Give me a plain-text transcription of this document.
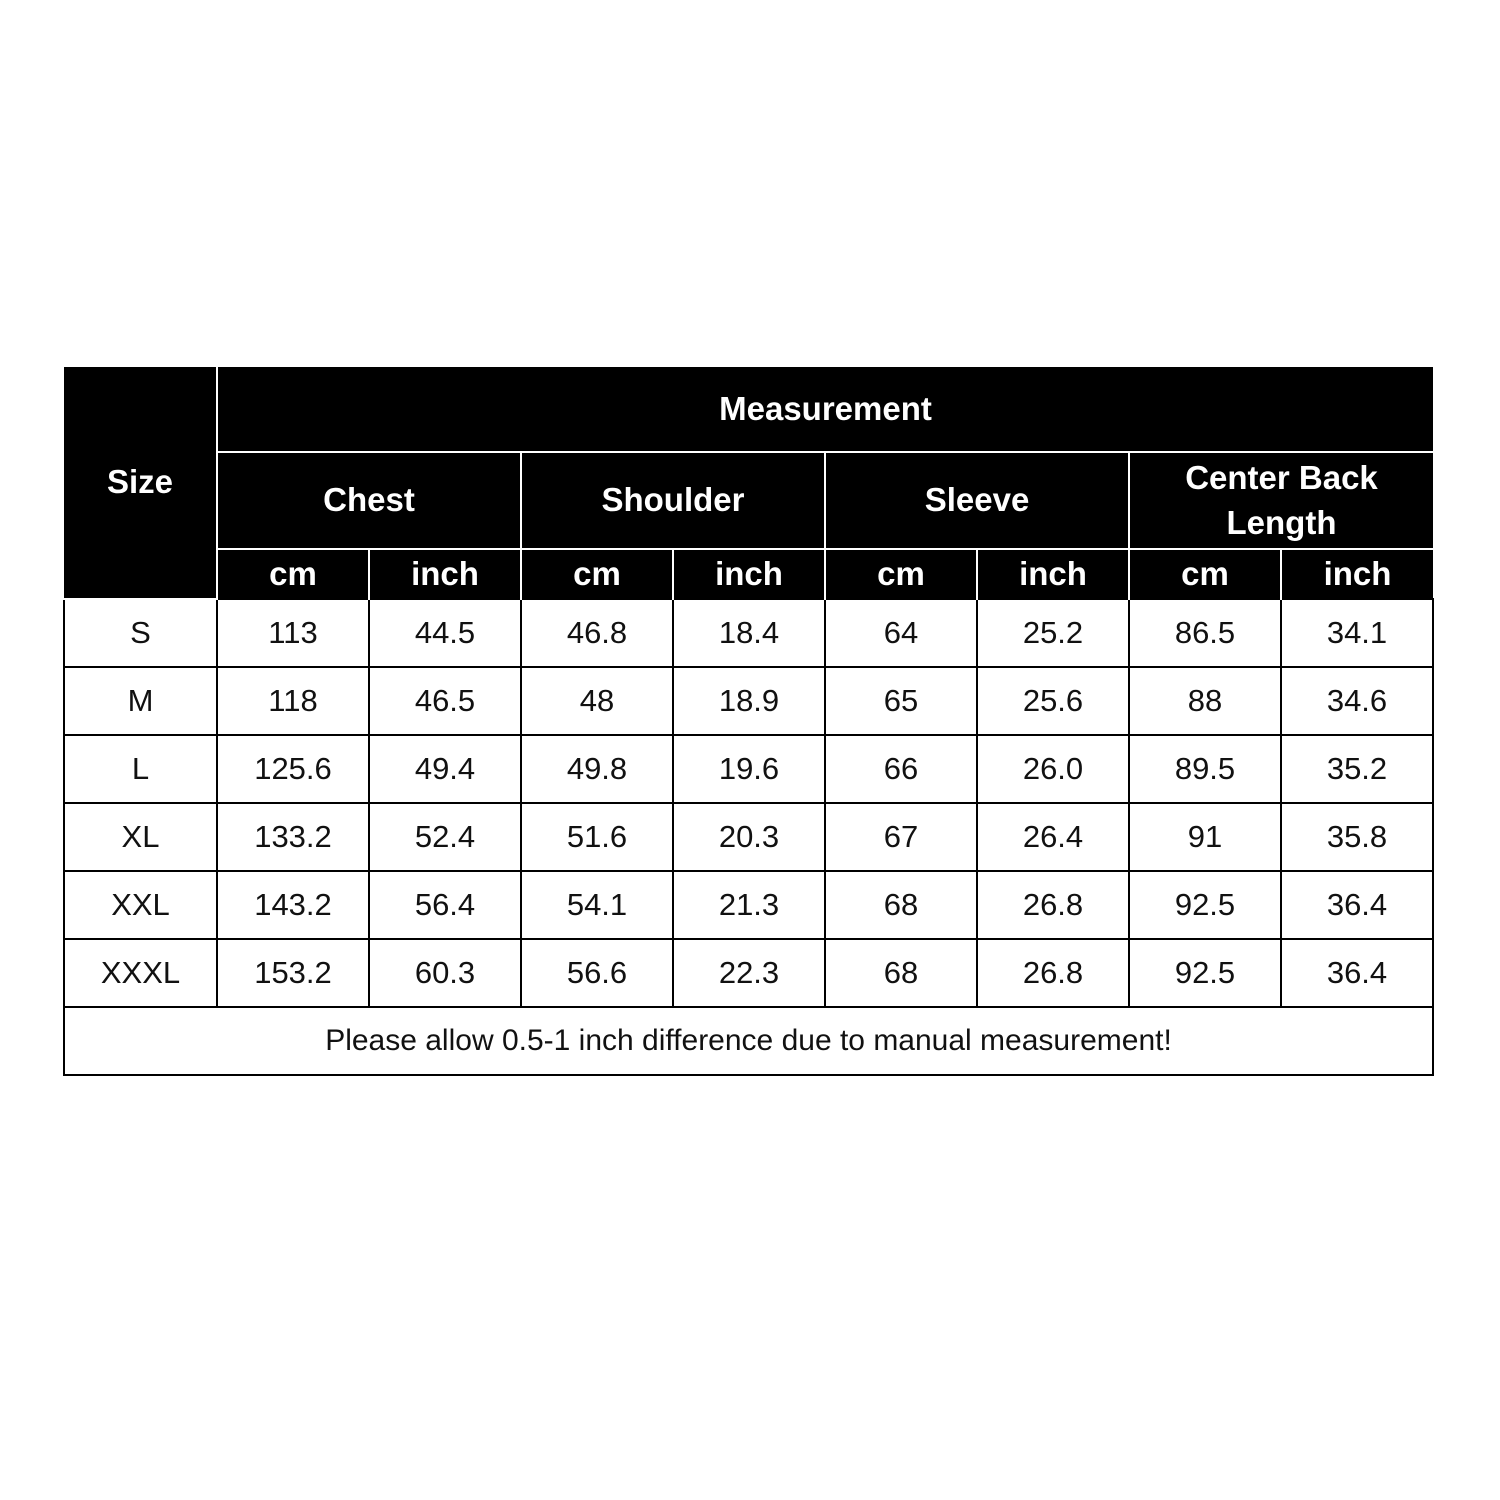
Size	Measurement							
	Chest		Shoulder		Sleeve		Center Back Length	
	cm	inch	cm	inch	cm	inch	cm	inch
S	113	44.5	46.8	18.4	64	25.2	86.5	34.1
M	118	46.5	48	18.9	65	25.6	88	34.6
L	125.6	49.4	49.8	19.6	66	26.0	89.5	35.2
XL	133.2	52.4	51.6	20.3	67	26.4	91	35.8
XXL	143.2	56.4	54.1	21.3	68	26.8	92.5	36.4
XXXL	153.2	60.3	56.6	22.3	68	26.8	92.5	36.4
Please allow 0.5-1 inch difference due to manual measurement!								
